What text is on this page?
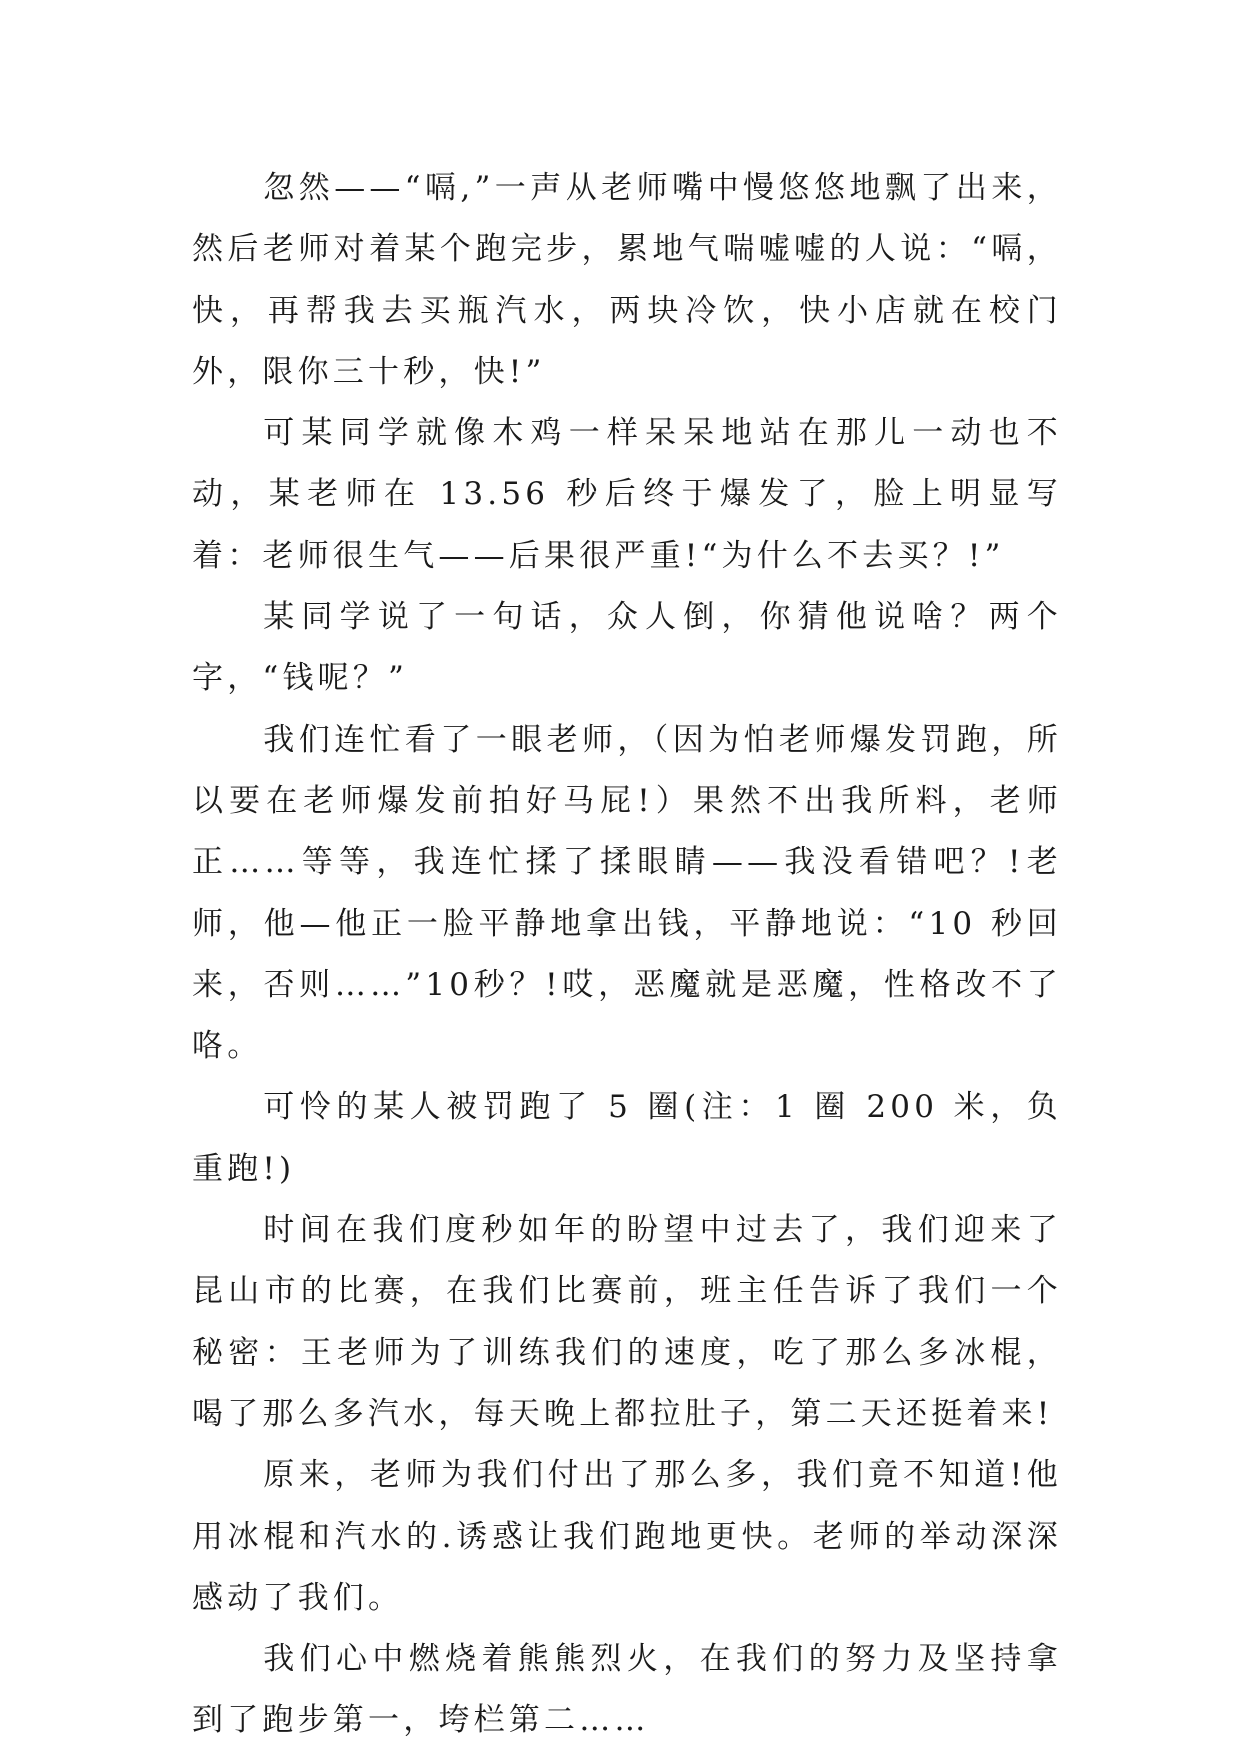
忽然——“嗝,”一声从老师嘴中慢悠悠地飘了出来，然后老师对着某个跑完步，累地气喘嘘嘘的人说：“嗝，快，再帮我去买瓶汽水，两块冷饮，快小店就在校门外，限你三十秒，快!”

可某同学就像木鸡一样呆呆地站在那儿一动也不动，某老师在 13.56 秒后终于爆发了，脸上明显写着：老师很生气——后果很严重!“为什么不去买？!”

某同学说了一句话，众人倒，你猜他说啥？两个字，“钱呢？”

我们连忙看了一眼老师，（因为怕老师爆发罚跑，所以要在老师爆发前拍好马屁!）果然不出我所料，老师正……等等，我连忙揉了揉眼睛——我没看错吧？!老师，他—他正一脸平静地拿出钱，平静地说：“10 秒回来，否则……”10秒？!哎，恶魔就是恶魔，性格改不了咯。

可怜的某人被罚跑了 5 圈(注：1 圈 200 米，负重跑!)

时间在我们度秒如年的盼望中过去了，我们迎来了昆山市的比赛，在我们比赛前，班主任告诉了我们一个秘密：王老师为了训练我们的速度，吃了那么多冰棍，喝了那么多汽水，每天晚上都拉肚子，第二天还挺着来!

原来，老师为我们付出了那么多，我们竟不知道!他用冰棍和汽水的.诱惑让我们跑地更快。老师的举动深深感动了我们。

我们心中燃烧着熊熊烈火，在我们的努力及坚持拿到了跑步第一，垮栏第二……
